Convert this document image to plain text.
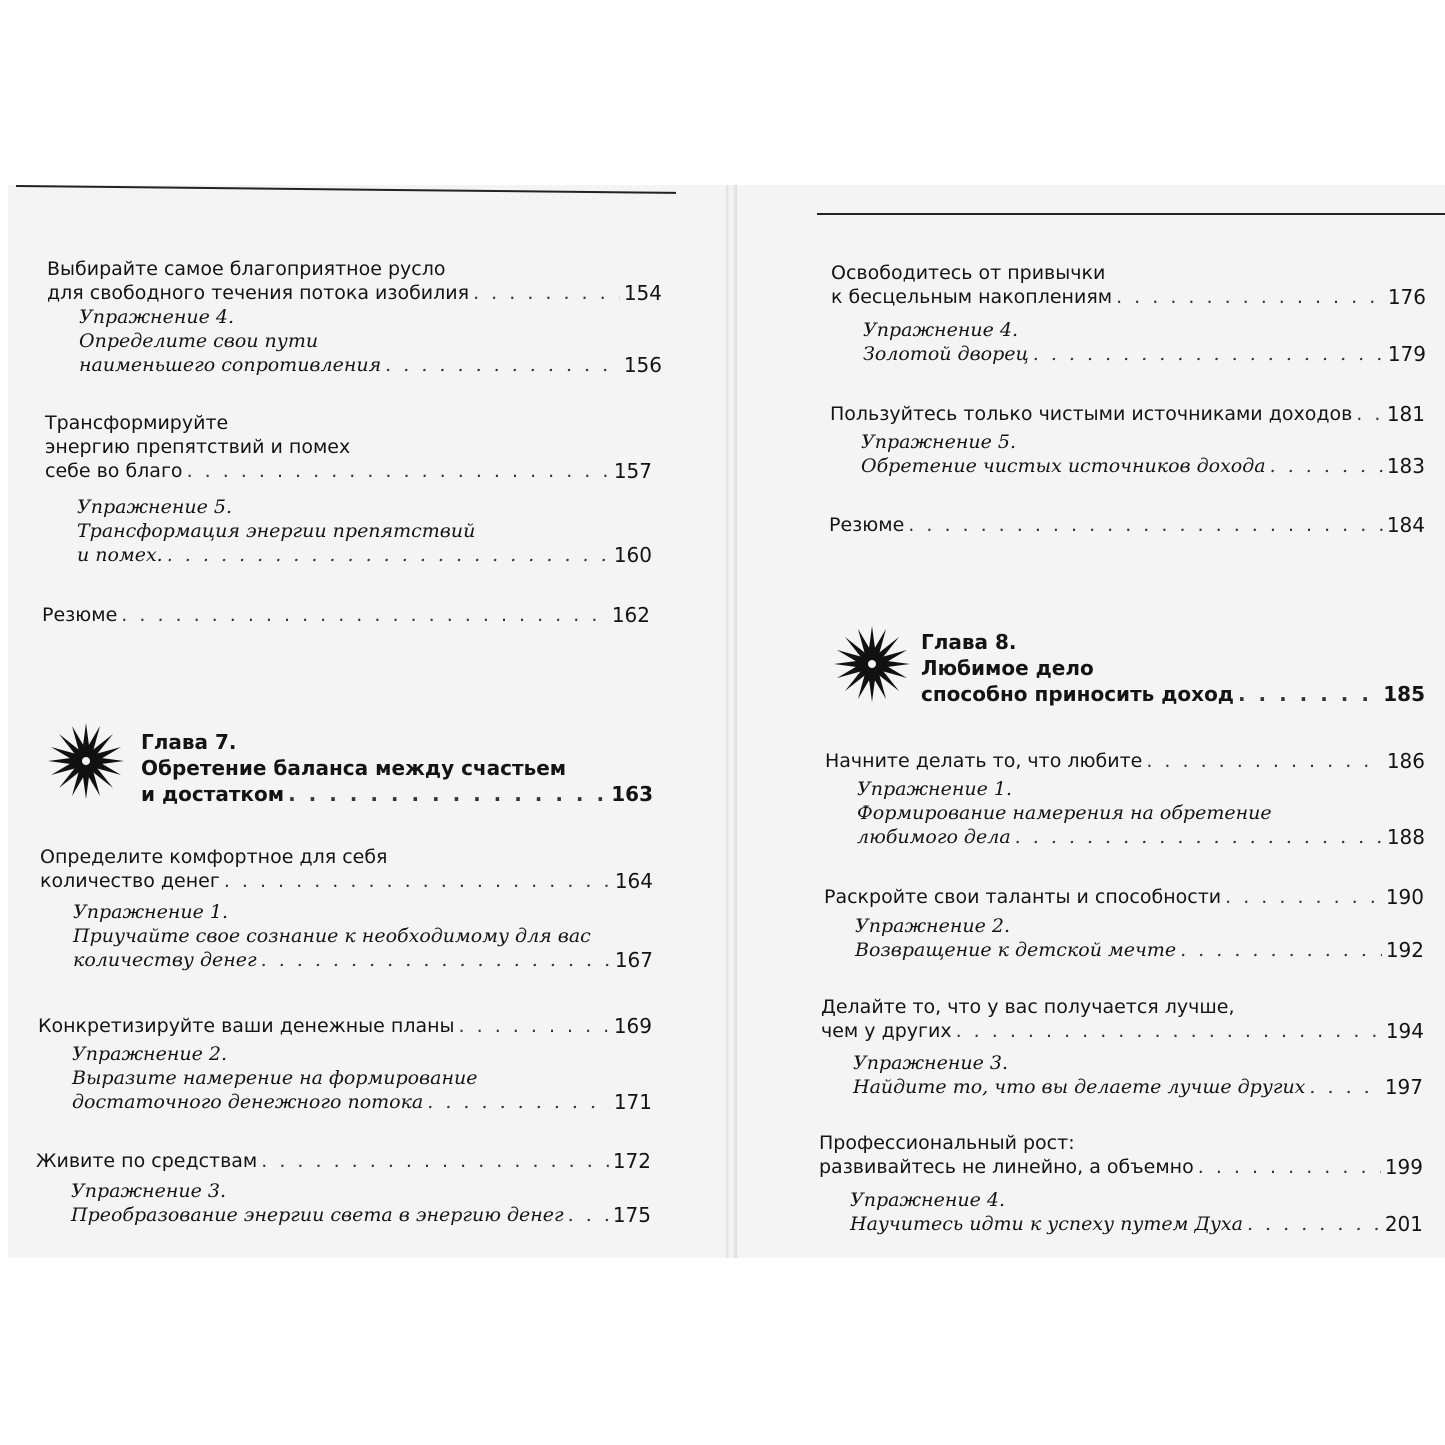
Выбирайте самое благоприятное русло
для свободного течения потока изобилия . . .	154
Упражнение 4.
Определите свои пути
наименьшего сопротивления . . .	156
Трансформируйте
энергию препятствий и помех
себе во благо . . .	157
Упражнение 5.
Трансформация энергии препятствий
и помех. . . .	160
Резюме . . .	162
Глава 7.
Обретение баланса между счастьем
и достатком . . .	163
Определите комфортное для себя
количество денег . . .	164
Упражнение 1.
Приучайте свое сознание к необходимому для вас
количеству денег . . .	167
Конкретизируйте ваши денежные планы . . .	169
Упражнение 2.
Выразите намерение на формирование
достаточного денежного потока . . .	171
Живите по средствам . . .	172
Упражнение 3.
Преобразование энергии света в энергию денег . . . 175
Освободитесь от привычки
к бесцельным накоплениям . . .	176
Упражнение 4.
Золотой дворец . . .	179
Пользуйтесь только чистыми источниками доходов . . . 181
Упражнение 5.
Обретение чистых источников дохода . . .	183
Резюме . . .	184
Глава 8.
Любимое дело
способно приносить доход . . .	185
Начните делать то, что любите . . .	186
Упражнение 1.
Формирование намерения на обретение
любимого дела . . .	188
Раскройте свои таланты и способности . . .	190
Упражнение 2.
Возвращение к детской мечте . . .	192
Делайте то, что у вас получается лучше,
чем у других . . .	194
Упражнение 3.
Найдите то, что вы делаете лучше других . . .	197
Профессиональный рост:
развивайтесь не линейно, а объемно . . .	199
Упражнение 4.
Научитесь идти к успеху путем Духа . . .	201
